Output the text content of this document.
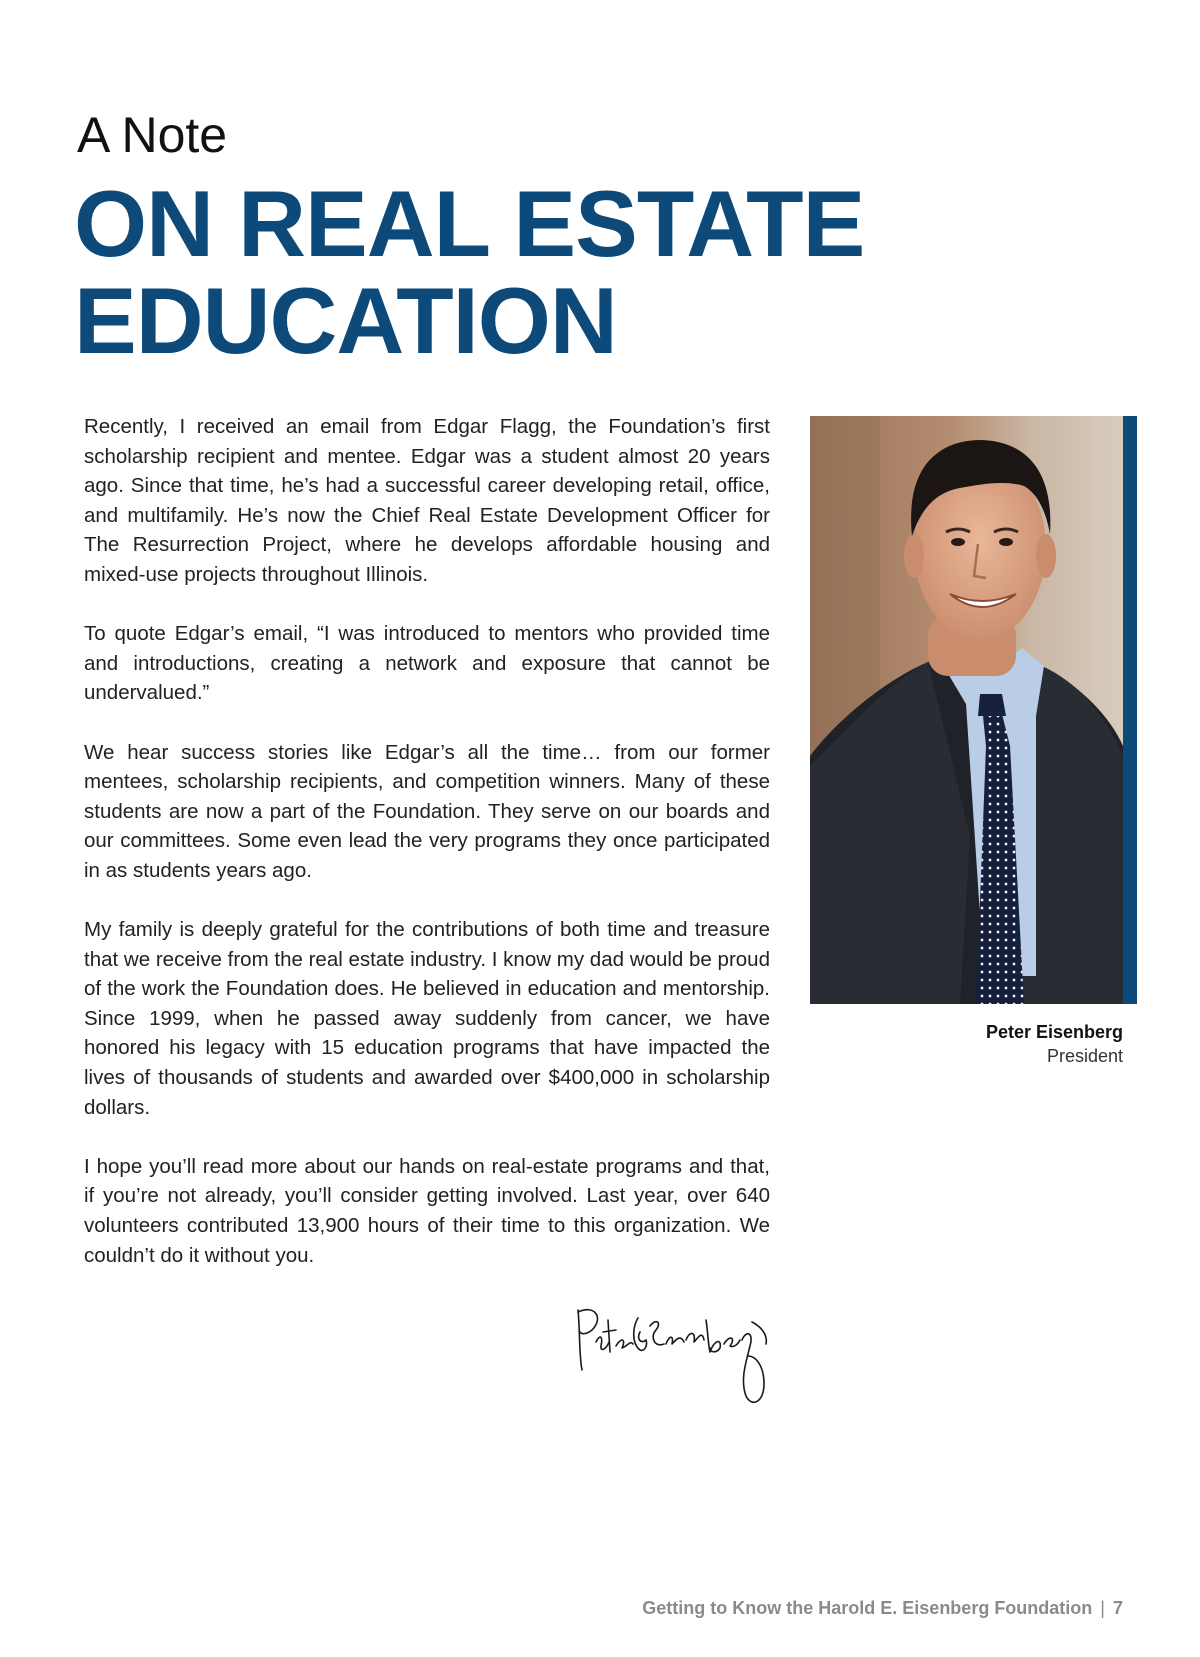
A Note
ON REAL ESTATE
EDUCATION

Recently, I received an email from Edgar Flagg, the Foundation’s first scholarship recipient and mentee. Edgar was a student almost 20 years ago. Since that time, he’s had a successful career developing retail, office, and multifamily. He’s now the Chief Real Estate Development Officer for The Resurrection Project, where he develops affordable housing and mixed-use projects throughout Illinois.

To quote Edgar’s email, “I was introduced to mentors who provided time and introductions, creating a network and exposure that cannot be undervalued.”

We hear success stories like Edgar’s all the time… from our former mentees, scholarship recipients, and competition winners. Many of these students are now a part of the Foundation. They serve on our boards and our committees. Some even lead the very programs they once participated in as students years ago.

My family is deeply grateful for the contributions of both time and treasure that we receive from the real estate industry. I know my dad would be proud of the work the Foundation does. He believed in education and mentorship. Since 1999, when he passed away suddenly from cancer, we have honored his legacy with 15 education programs that have impacted the lives of thousands of students and awarded over $400,000 in scholarship dollars.

I hope you’ll read more about our hands on real-estate programs and that, if you’re not already, you’ll consider getting involved. Last year, over 640 volunteers contributed 13,900 hours of their time to this organization. We couldn’t do it without you.

Peter Eisenberg
President
Getting to Know the Harold E. Eisenberg Foundation | 7
